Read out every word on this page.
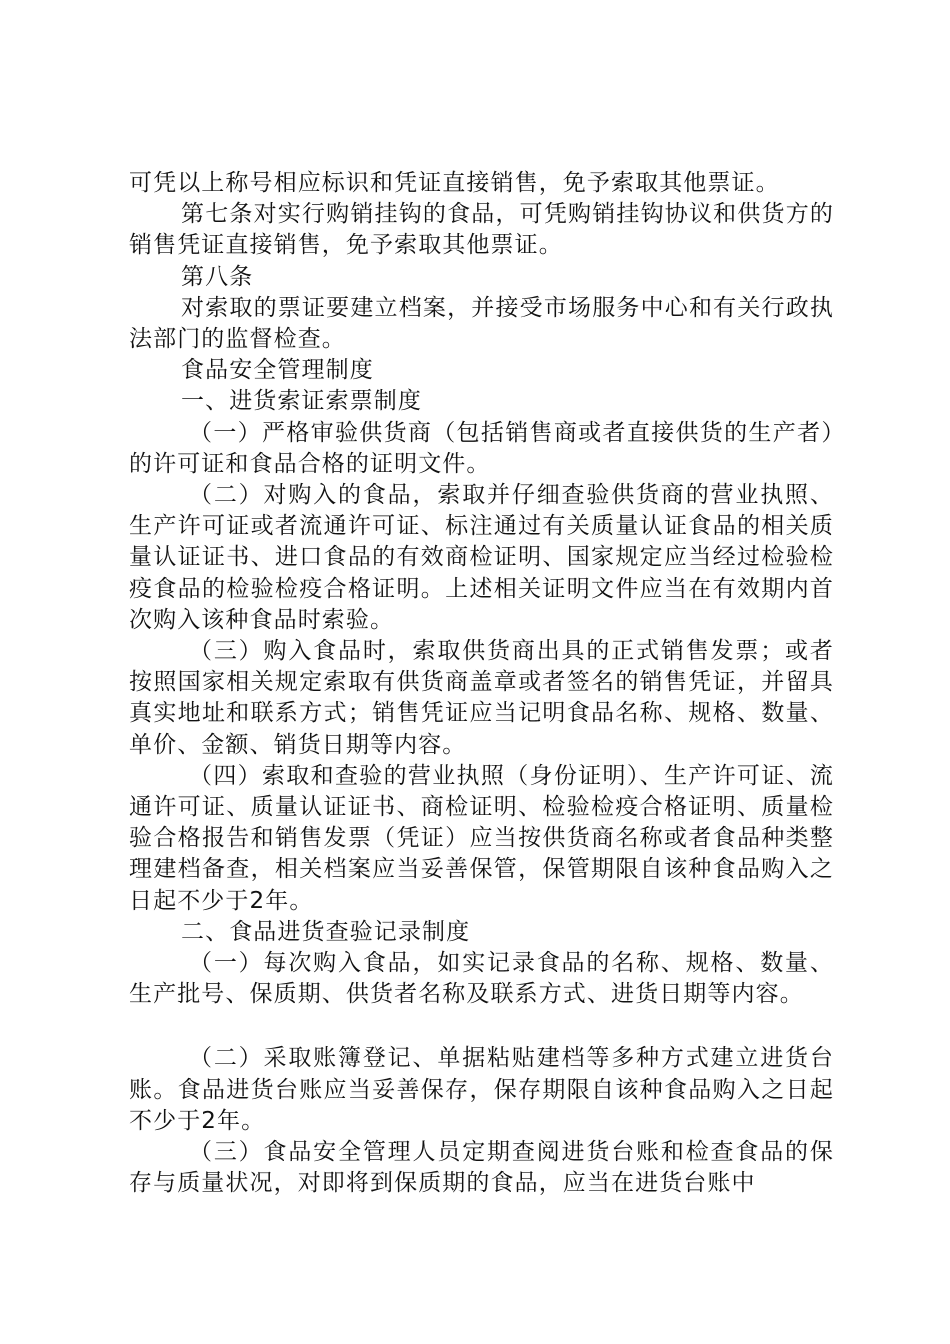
可凭以上称号相应标识和凭证直接销售，免予索取其他票证。

第七条对实行购销挂钩的食品，可凭购销挂钩协议和供货方的销售凭证直接销售，免予索取其他票证。

第八条

对索取的票证要建立档案，并接受市场服务中心和有关行政执法部门的监督检查。

食品安全管理制度

一、进货索证索票制度

（一）严格审验供货商（包括销售商或者直接供货的生产者）的许可证和食品合格的证明文件。

（二）对购入的食品，索取并仔细查验供货商的营业执照、生产许可证或者流通许可证、标注通过有关质量认证食品的相关质量认证证书、进口食品的有效商检证明、国家规定应当经过检验检疫食品的检验检疫合格证明。上述相关证明文件应当在有效期内首次购入该种食品时索验。

（三）购入食品时，索取供货商出具的正式销售发票；或者按照国家相关规定索取有供货商盖章或者签名的销售凭证，并留具真实地址和联系方式；销售凭证应当记明食品名称、规格、数量、单价、金额、销货日期等内容。

（四）索取和查验的营业执照（身份证明）、生产许可证、流通许可证、质量认证证书、商检证明、检验检疫合格证明、质量检验合格报告和销售发票（凭证）应当按供货商名称或者食品种类整理建档备查，相关档案应当妥善保管，保管期限自该种食品购入之日起不少于2年。

二、食品进货查验记录制度

（一）每次购入食品，如实记录食品的名称、规格、数量、生产批号、保质期、供货者名称及联系方式、进货日期等内容。

（二）采取账簿登记、单据粘贴建档等多种方式建立进货台账。食品进货台账应当妥善保存，保存期限自该种食品购入之日起不少于2年。

（三）食品安全管理人员定期查阅进货台账和检查食品的保存与质量状况，对即将到保质期的食品，应当在进货台账中
